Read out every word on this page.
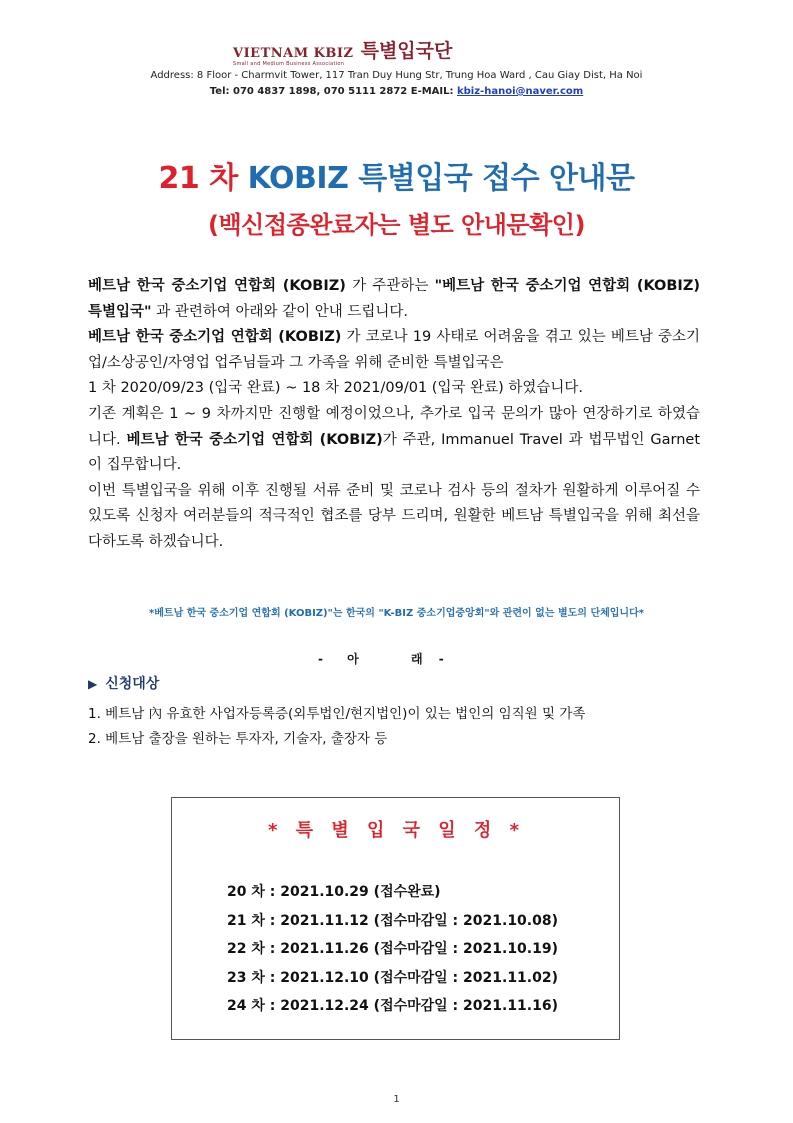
VIETNAM KBIZ 특별입국단
Small and Medium Business Association
Address: 8 Floor - Charmvit Tower, 117 Tran Duy Hung Str, Trung Hoa Ward , Cau Giay Dist, Ha Noi
Tel: 070 4837 1898, 070 5111 2872 E-MAIL: kbiz-hanoi@naver.com
21 차 KOBIZ 특별입국 접수 안내문
(백신접종완료자는 별도 안내문확인)

베트남 한국 중소기업 연합회 (KOBIZ) 가 주관하는 "베트남 한국 중소기업 연합회 (KOBIZ) 특별입국" 과 관련하여 아래와 같이 안내 드립니다.

베트남 한국 중소기업 연합회 (KOBIZ) 가 코로나 19 사태로 어려움을 겪고 있는 베트남 중소기업/소상공인/자영업 업주님들과 그 가족을 위해 준비한 특별입국은

1 차 2020/09/23 (입국 완료) ~ 18 차 2021/09/01 (입국 완료) 하였습니다.

기존 계획은 1 ~ 9 차까지만 진행할 예정이었으나, 추가로 입국 문의가 많아 연장하기로 하였습니다. 베트남 한국 중소기업 연합회 (KOBIZ)가 주관, Immanuel Travel 과 법무법인 Garnet 이 집무합니다.

이번 특별입국을 위해 이후 진행될 서류 준비 및 코로나 검사 등의 절차가 원활하게 이루어질 수 있도록 신청자 여러분들의 적극적인 협조를 당부 드리며, 원활한 베트남 특별입국을 위해 최선을 다하도록 하겠습니다.

*베트남 한국 중소기업 연합회 (KOBIZ)"는 한국의 "K-BIZ 중소기업중앙회"와 관련이 없는 별도의 단체입니다*
- 아	래 -
▶ 신청대상
1. 베트남 內 유효한 사업자등록증(외투법인/현지법인)이 있는 법인의 임직원 및 가족
2. 베트남 출장을 원하는 투자자, 기술자, 출장자 등
* 특 별 입 국 일 정 *
20 차 : 2021.10.29 (접수완료)
21 차 : 2021.11.12 (접수마감일 : 2021.10.08)
22 차 : 2021.11.26 (접수마감일 : 2021.10.19)
23 차 : 2021.12.10 (접수마감일 : 2021.11.02)
24 차 : 2021.12.24 (접수마감일 : 2021.11.16)
1
